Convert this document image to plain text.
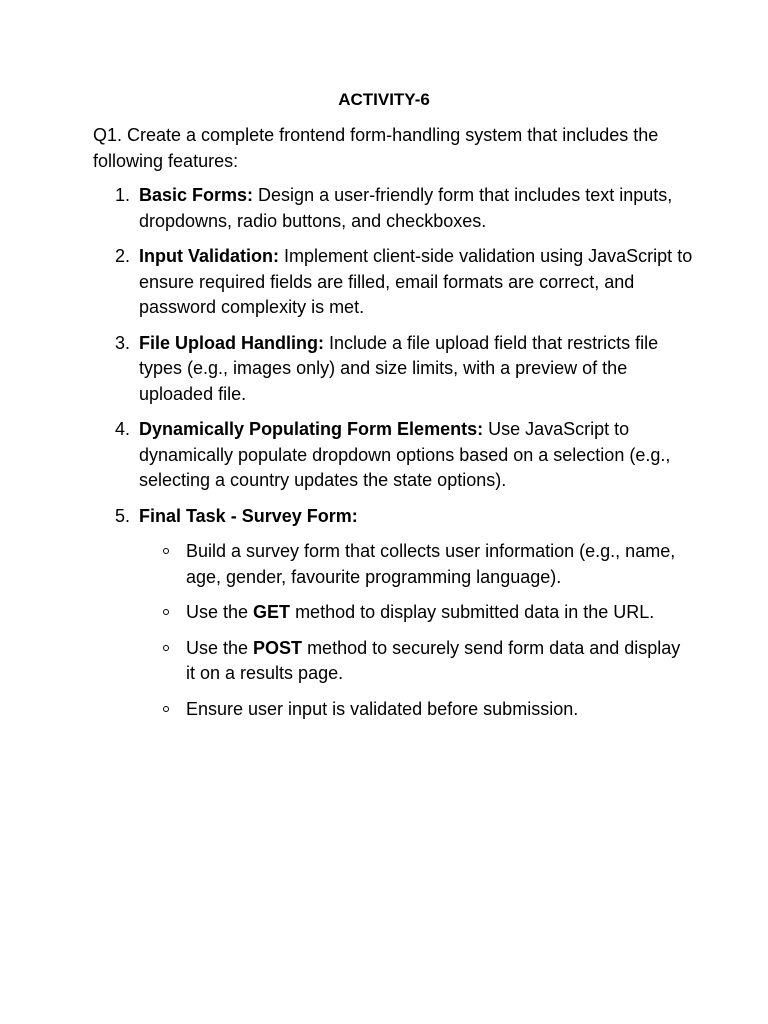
ACTIVITY-6
Q1. Create a complete frontend form-handling system that includes the following features:
1. Basic Forms: Design a user-friendly form that includes text inputs, dropdowns, radio buttons, and checkboxes.
2. Input Validation: Implement client-side validation using JavaScript to ensure required fields are filled, email formats are correct, and password complexity is met.
3. File Upload Handling: Include a file upload field that restricts file types (e.g., images only) and size limits, with a preview of the uploaded file.
4. Dynamically Populating Form Elements: Use JavaScript to dynamically populate dropdown options based on a selection (e.g., selecting a country updates the state options).
5. Final Task - Survey Form:
Build a survey form that collects user information (e.g., name, age, gender, favourite programming language).
Use the GET method to display submitted data in the URL.
Use the POST method to securely send form data and display it on a results page.
Ensure user input is validated before submission.
